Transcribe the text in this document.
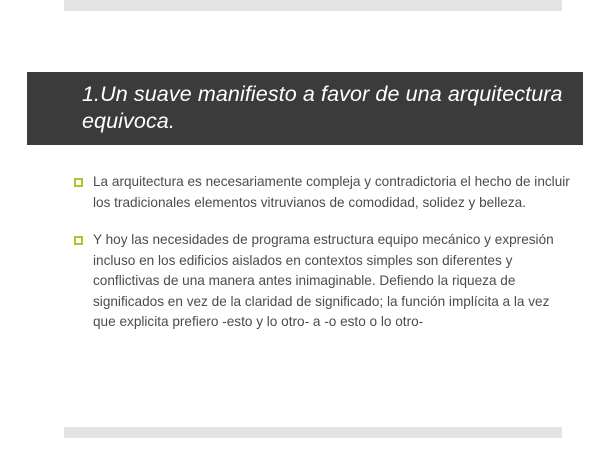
1.Un suave manifiesto a favor de una arquitectura equivoca.
La arquitectura es necesariamente compleja y contradictoria el hecho de incluir los tradicionales elementos vitruvianos de comodidad, solidez y belleza.
Y hoy las necesidades de programa estructura equipo mecánico y expresión incluso en los edificios aislados en contextos simples son diferentes y conflictivas de una manera antes inimaginable. Defiendo la riqueza de significados en vez de la claridad de significado; la función implícita a la vez que explicita prefiero -esto y lo otro- a -o esto o lo otro-
